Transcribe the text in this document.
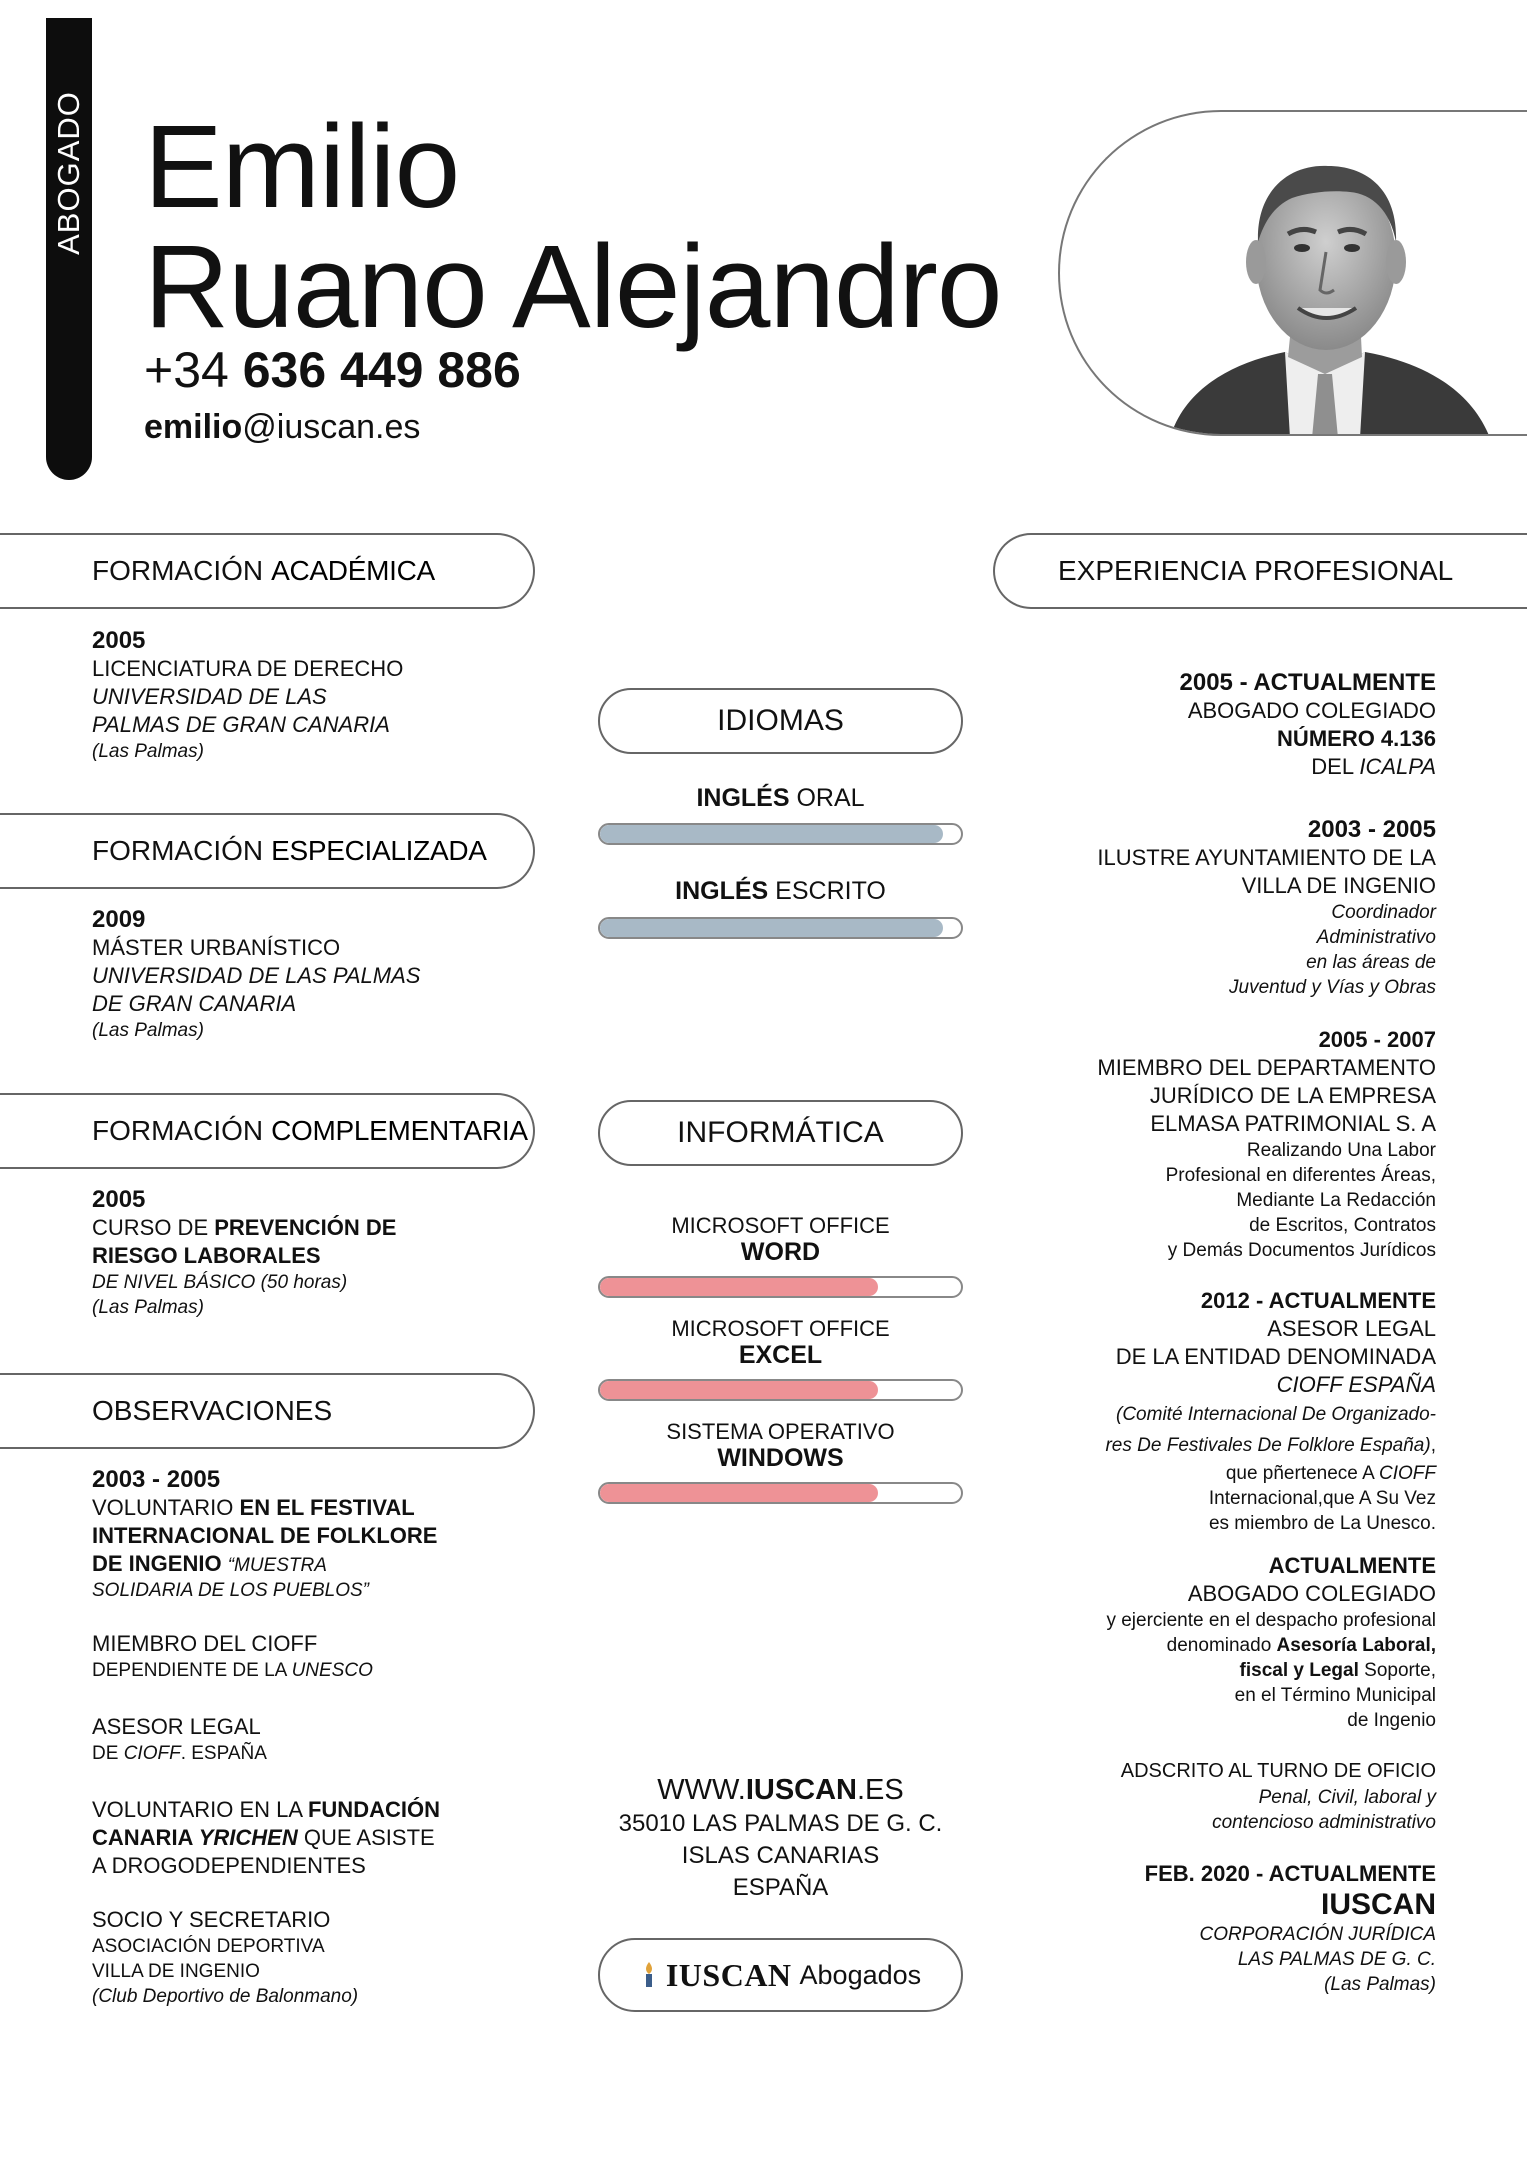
ABOGADO Emilio
Ruano Alejandro
+34 636 449 886
emilio@iuscan.es
FORMACIÓN ACADÉMICA
2005
LICENCIATURA DE DERECHO
UNIVERSIDAD DE LAS
PALMAS DE GRAN CANARIA
(Las Palmas)
FORMACIÓN ESPECIALIZADA
2009
MÁSTER URBANÍSTICO
UNIVERSIDAD DE LAS PALMAS
DE GRAN CANARIA
(Las Palmas)
FORMACIÓN COMPLEMENTARIA
2005
CURSO DE PREVENCIÓN DE
RIESGO LABORALES
DE NIVEL BÁSICO (50 horas)
(Las Palmas)
OBSERVACIONES
2003 - 2005
VOLUNTARIO EN EL FESTIVAL
INTERNACIONAL DE FOLKLORE
DE INGENIO “MUESTRA
SOLIDARIA DE LOS PUEBLOS”
MIEMBRO DEL CIOFF
DEPENDIENTE DE LA UNESCO
ASESOR LEGAL
DE CIOFF. ESPAÑA
VOLUNTARIO EN LA FUNDACIÓN
CANARIA YRICHEN QUE ASISTE
A DROGODEPENDIENTES
SOCIO Y SECRETARIO
ASOCIACIÓN DEPORTIVA
VILLA DE INGENIO
(Club Deportivo de Balonmano)
IDIOMAS
INGLÉS ORAL
INGLÉS ESCRITO
INFORMÁTICA
MICROSOFT OFFICE
WORD
MICROSOFT OFFICE
EXCEL
SISTEMA OPERATIVO
WINDOWS
WWW.IUSCAN.ES
35010 LAS PALMAS DE G. C.
ISLAS CANARIAS
ESPAÑA
IUSCAN Abogados
EXPERIENCIA
PROFESIONAL
2005 - ACTUALMENTE
ABOGADO COLEGIADO
NÚMERO 4.136
DEL ICALPA
2003 - 2005
ILUSTRE AYUNTAMIENTO DE LA
VILLA DE INGENIO
Coordinador
Administrativo
en las áreas de
Juventud y Vías y Obras
2005 - 2007
MIEMBRO DEL DEPARTAMENTO
JURÍDICO DE LA EMPRESA
ELMASA PATRIMONIAL S. A
Realizando Una Labor
Profesional en diferentes Áreas,
Mediante La Redacción
de Escritos, Contratos
y Demás Documentos Jurídicos
2012 - ACTUALMENTE
ASESOR LEGAL
DE LA ENTIDAD DENOMINADA
CIOFF ESPAÑA
(Comité Internacional De Organizado-
res De Festivales De Folklore España),
que pñertenece A CIOFF
Internacional,que A Su Vez
es miembro de La Unesco.
ACTUALMENTE
ABOGADO COLEGIADO
y ejerciente en el despacho profesional
denominado Asesoría Laboral,
fiscal y Legal Soporte,
en el Término Municipal
de Ingenio
ADSCRITO AL TURNO DE OFICIO
Penal, Civil, laboral y
contencioso administrativo
FEB. 2020 - ACTUALMENTE
IUSCAN
CORPORACIÓN JURÍDICA
LAS PALMAS DE G. C.
(Las Palmas)
